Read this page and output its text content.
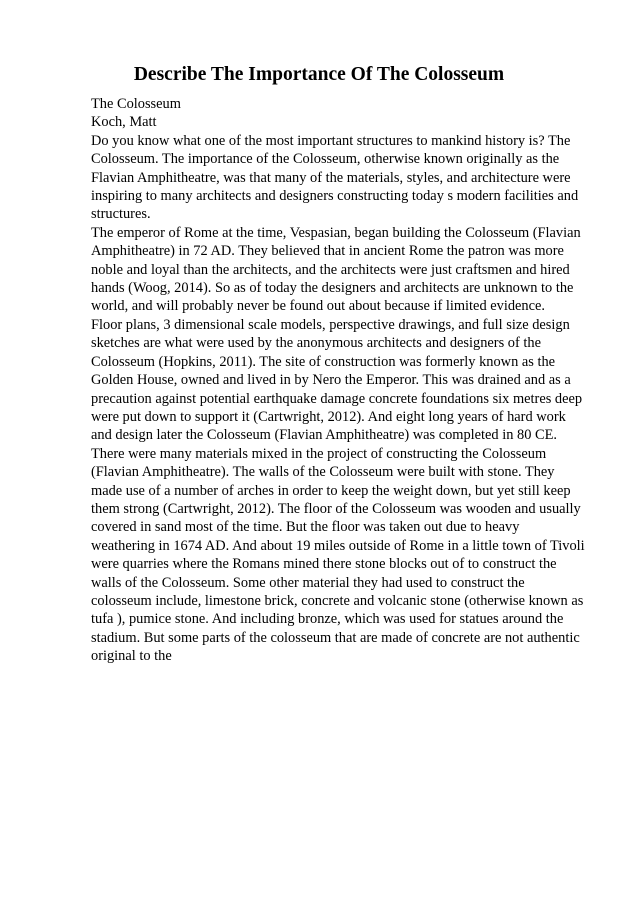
Describe The Importance Of The Colosseum
The Colosseum
Koch, Matt
Do you know what one of the most important structures to mankind history is? The
Colosseum. The importance of the Colosseum, otherwise known originally as the
Flavian Amphitheatre, was that many of the materials, styles, and architecture were
inspiring to many architects and designers constructing today s modern facilities and
structures.
The emperor of Rome at the time, Vespasian, began building the Colosseum (Flavian
Amphitheatre) in 72 AD. They believed that in ancient Rome the patron was more
noble and loyal than the architects, and the architects were just craftsmen and hired
hands (Woog, 2014). So as of today the designers and architects are unknown to the
world, and will probably never be found out about because if limited evidence.
Floor plans, 3 dimensional scale models, perspective drawings, and full size design
sketches are what were used by the anonymous architects and designers of the
Colosseum (Hopkins, 2011). The site of construction was formerly known as the
Golden House, owned and lived in by Nero the Emperor. This was drained and as a
precaution against potential earthquake damage concrete foundations six metres deep
were put down to support it (Cartwright, 2012). And eight long years of hard work
and design later the Colosseum (Flavian Amphitheatre) was completed in 80 CE.
There were many materials mixed in the project of constructing the Colosseum
(Flavian Amphitheatre). The walls of the Colosseum were built with stone. They
made use of a number of arches in order to keep the weight down, but yet still keep
them strong (Cartwright, 2012). The floor of the Colosseum was wooden and usually
covered in sand most of the time. But the floor was taken out due to heavy
weathering in 1674 AD. And about 19 miles outside of Rome in a little town of Tivoli
were quarries where the Romans mined there stone blocks out of to construct the
walls of the Colosseum. Some other material they had used to construct the
colosseum include, limestone brick, concrete and volcanic stone (otherwise known as
tufa ), pumice stone. And including bronze, which was used for statues around the
stadium. But some parts of the colosseum that are made of concrete are not authentic
original to the
